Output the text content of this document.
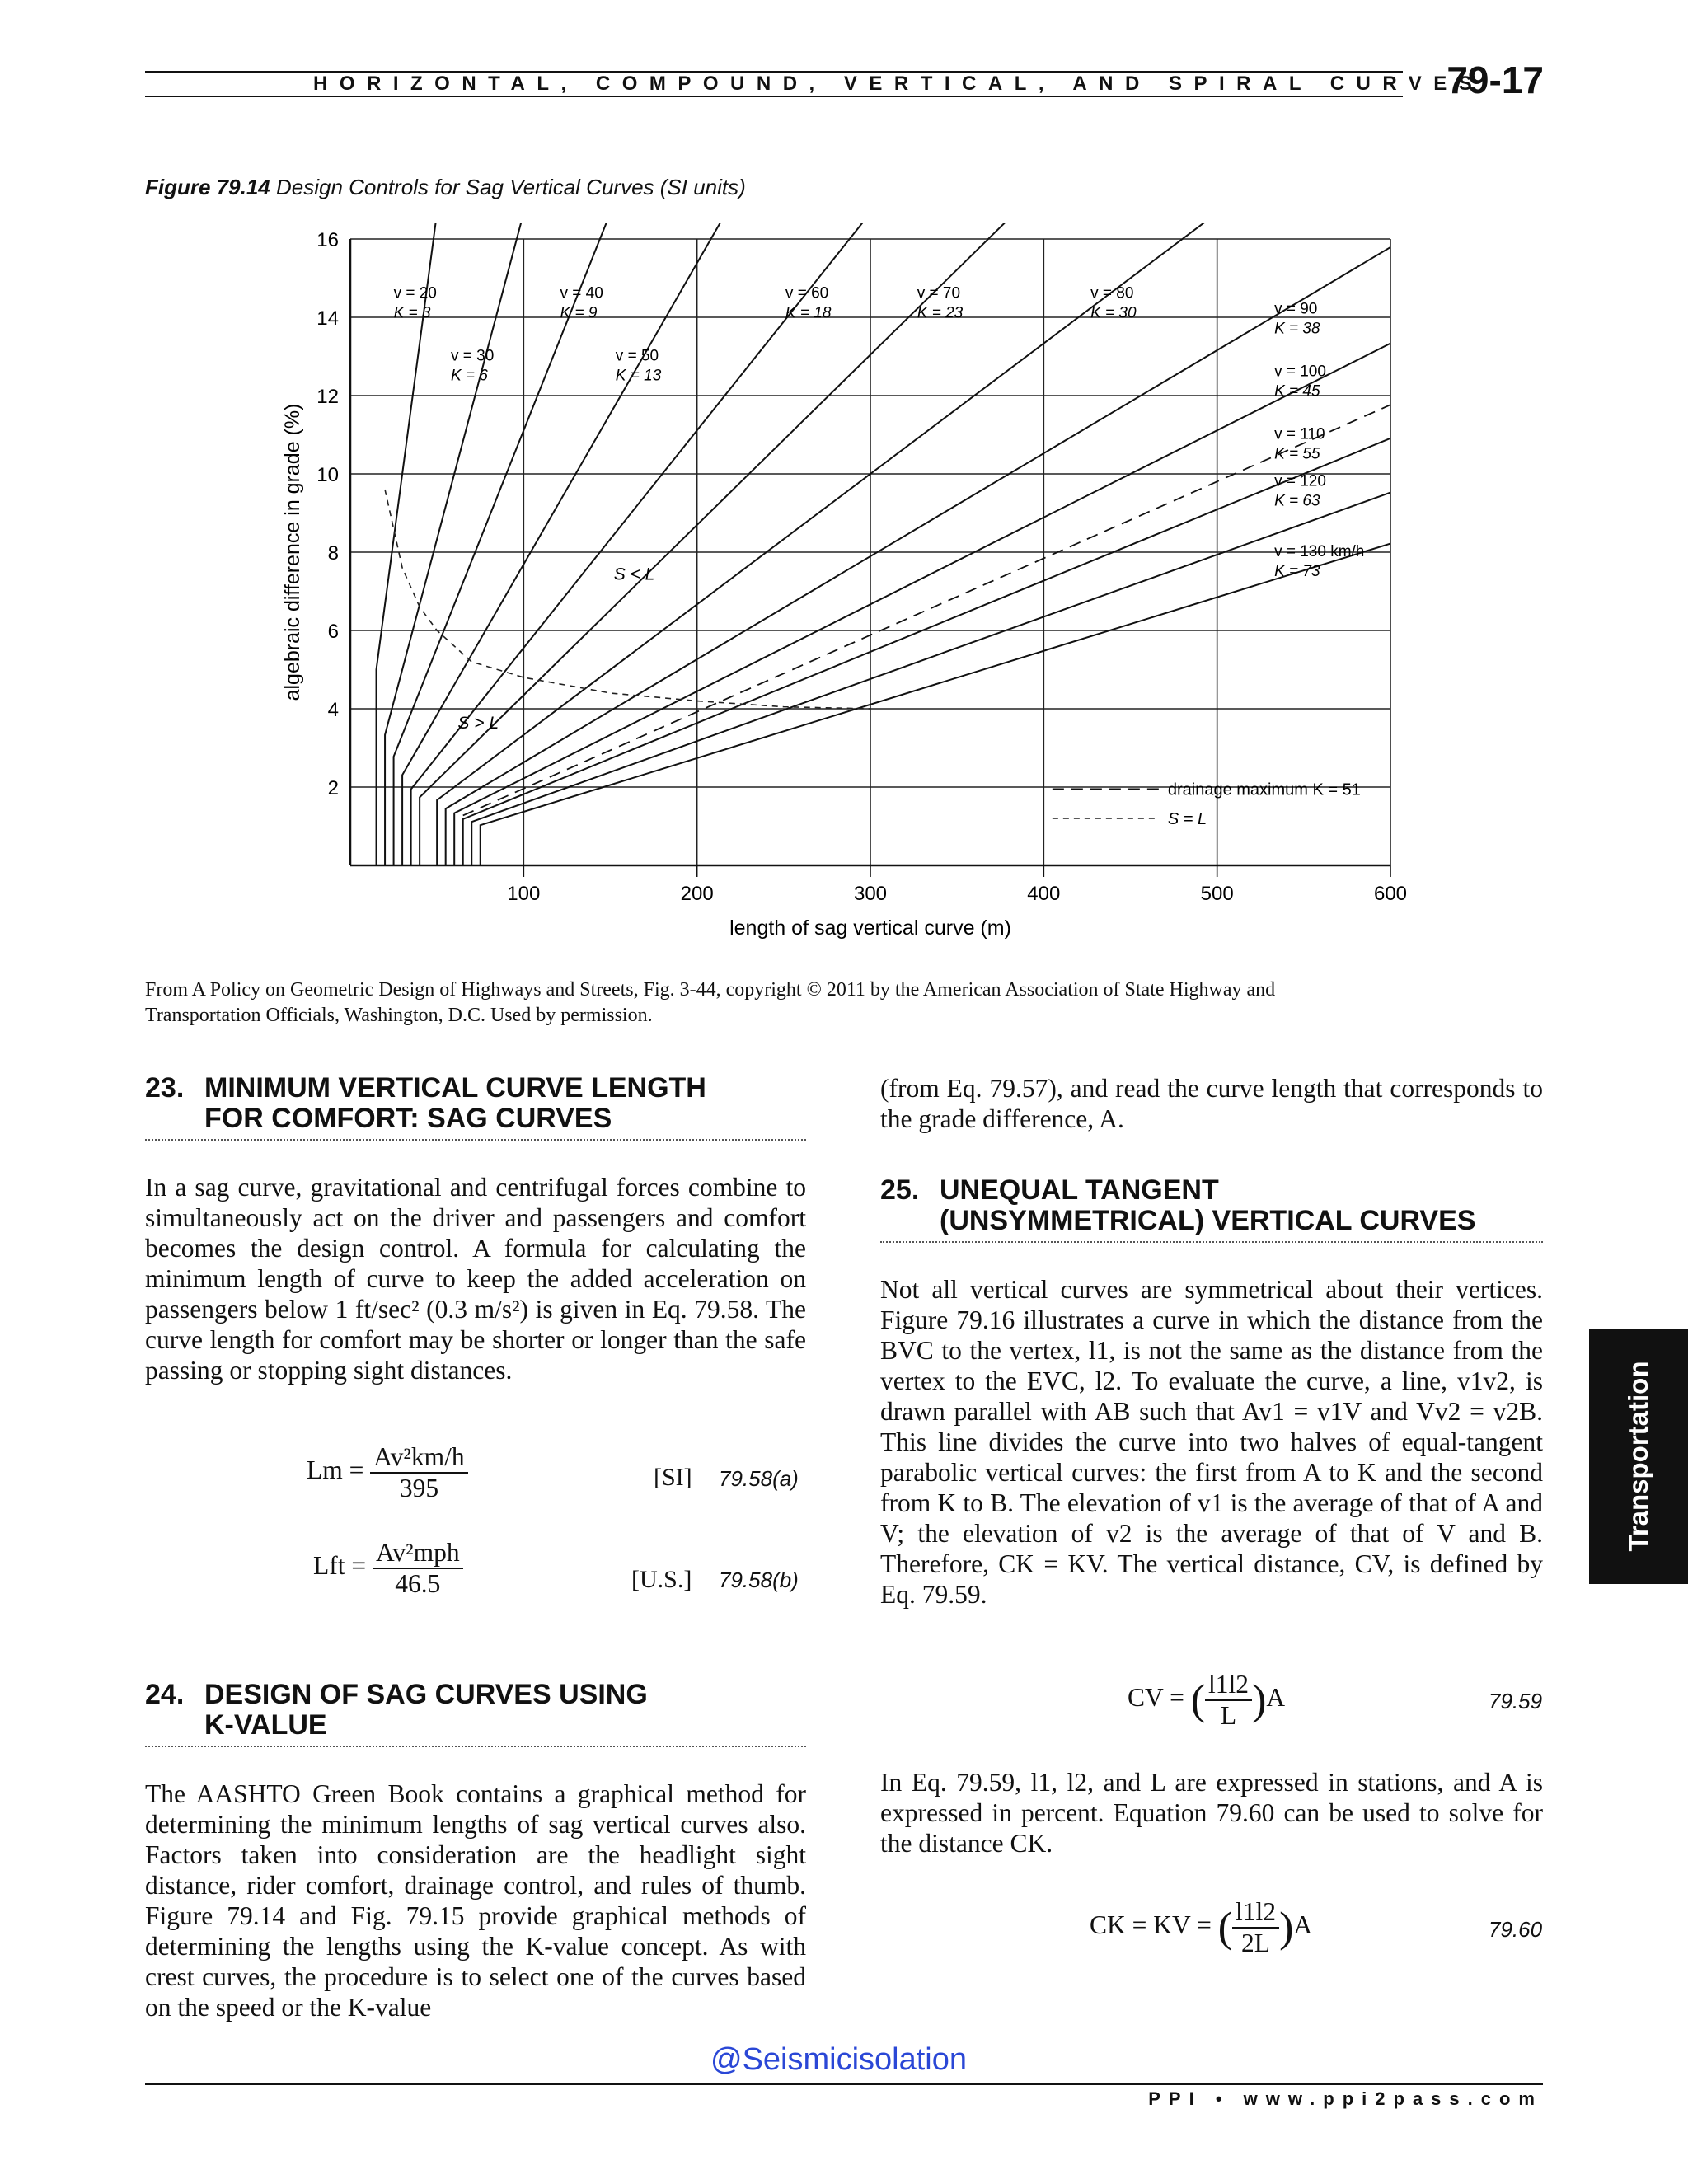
HORIZONTAL, COMPOUND, VERTICAL, AND SPIRAL CURVES
79-17
Figure 79.14 Design Controls for Sag Vertical Curves (SI units)
100	200	300	400	500	600
2
4
6
8
10
12
14
16
length of sag vertical curve (m)
algebraic difference in grade (%)
v = 20
K = 3
v = 30
K = 6
v = 40
K = 9
v = 50
K = 13
v = 60
K = 18
v = 70
K = 23
v = 80
K = 30	v = 90
K = 38
v = 100
K = 45
v = 110
K = 55
v = 120
K = 63
v = 130 km/h
K = 73
S < L
S > L
drainage maximum K = 51
S = L
From A Policy on Geometric Design of Highways and Streets, Fig. 3-44, copyright © 2011 by the American Association of State Highway and
Transportation Officials, Washington, D.C. Used by permission.
23. MINIMUM VERTICAL CURVE LENGTH
FOR COMFORT: SAG CURVES

In a sag curve, gravitational and centrifugal forces combine to simultaneously act on the driver and passengers and comfort becomes the design control. A formula for calculating the minimum length of curve to keep the added acceleration on passengers below 1 ft/sec² (0.3 m/s²) is given in Eq. 79.58. The curve length for comfort may be shorter or longer than the safe passing or stopping sight distances.

$Lm = \frac{\text{Av²km/h}}{395}$	[SI] 79.58(a)
Lft = $\frac{\text{Av²mph}}{46.5}$	[U.S.] 79.58(b)
24. DESIGN OF SAG CURVES USING
K-VALUE

The AASHTO Green Book contains a graphical method for determining the minimum lengths of sag vertical curves also. Factors taken into consideration are the headlight sight distance, rider comfort, drainage control, and rules of thumb. Figure 79.14 and Fig. 79.15 provide graphical methods of determining the lengths using the K-value concept. As with crest curves, the procedure is to select one of the curves based on the speed or the K-value

(from Eq. 79.57), and read the curve length that corresponds to the grade difference, A.

25. UNEQUAL TANGENT
(UNSYMMETRICAL) VERTICAL CURVES

Not all vertical curves are symmetrical about their vertices. Figure 79.16 illustrates a curve in which the distance from the BVC to the vertex, l1, is not the same as the distance from the vertex to the EVC, l2. To evaluate the curve, a line, v1v2, is drawn parallel with AB such that Av1 = v1V and Vv2 = v2B. This line divides the curve into two halves of equal-tangent parabolic vertical curves: the first from A to K and the second from K to B. The elevation of v1 is the average of that of A and V; the elevation of v2 is the average of that of V and B. Therefore, CK = KV. The vertical distance, CV, is defined by Eq. 79.59.

CV = ( $\frac{l1l2}{L} )A$	79.59

In Eq. 79.59, l1, l2, and L are expressed in stations, and A is expressed in percent. Equation 79.60 can be used to solve for the distance CK.

CK = KV = ( $\frac{l1l2}{2L} )A$	79.60
Transportation
@Seismicisolation
PPI • www.ppi2pass.com
